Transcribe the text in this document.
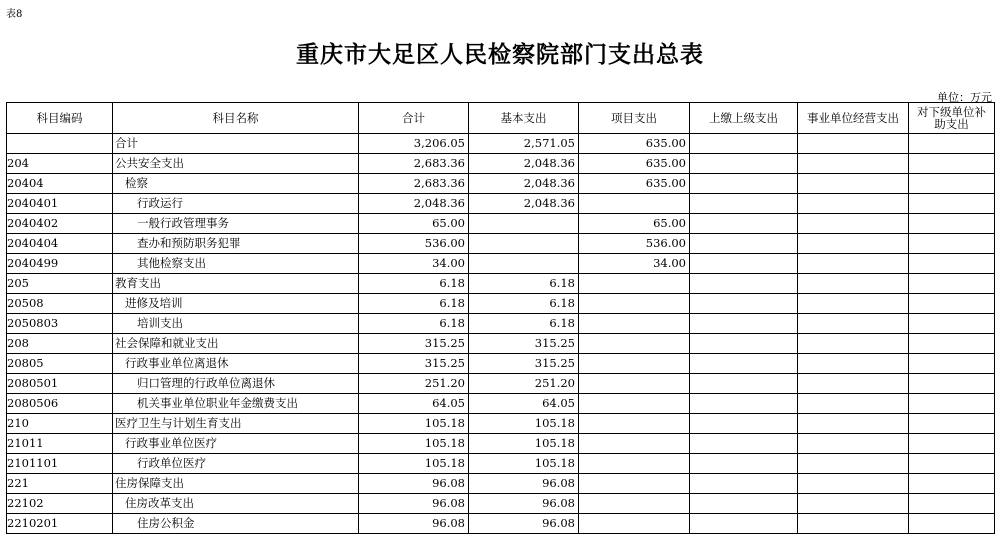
表8
重庆市大足区人民检察院部门支出总表
单位：万元
科目编码	科目名称	合计	基本支出	项目支出	上缴上级支出	事业单位经营支出	对下级单位补助支出
	合计	3,206.05	2,571.05	635.00			
204	公共安全支出	2,683.36	2,048.36	635.00			
20404	检察	2,683.36	2,048.36	635.00			
2040401	行政运行	2,048.36	2,048.36				
2040402	一般行政管理事务	65.00		65.00			
2040404	查办和预防职务犯罪	536.00		536.00			
2040499	其他检察支出	34.00		34.00			
205	教育支出	6.18	6.18				
20508	进修及培训	6.18	6.18				
2050803	培训支出	6.18	6.18				
208	社会保障和就业支出	315.25	315.25				
20805	行政事业单位离退休	315.25	315.25				
2080501	归口管理的行政单位离退休	251.20	251.20				
2080506	机关事业单位职业年金缴费支出	64.05	64.05				
210	医疗卫生与计划生育支出	105.18	105.18				
21011	行政事业单位医疗	105.18	105.18				
2101101	行政单位医疗	105.18	105.18				
221	住房保障支出	96.08	96.08				
22102	住房改革支出	96.08	96.08				
2210201	住房公积金	96.08	96.08				
